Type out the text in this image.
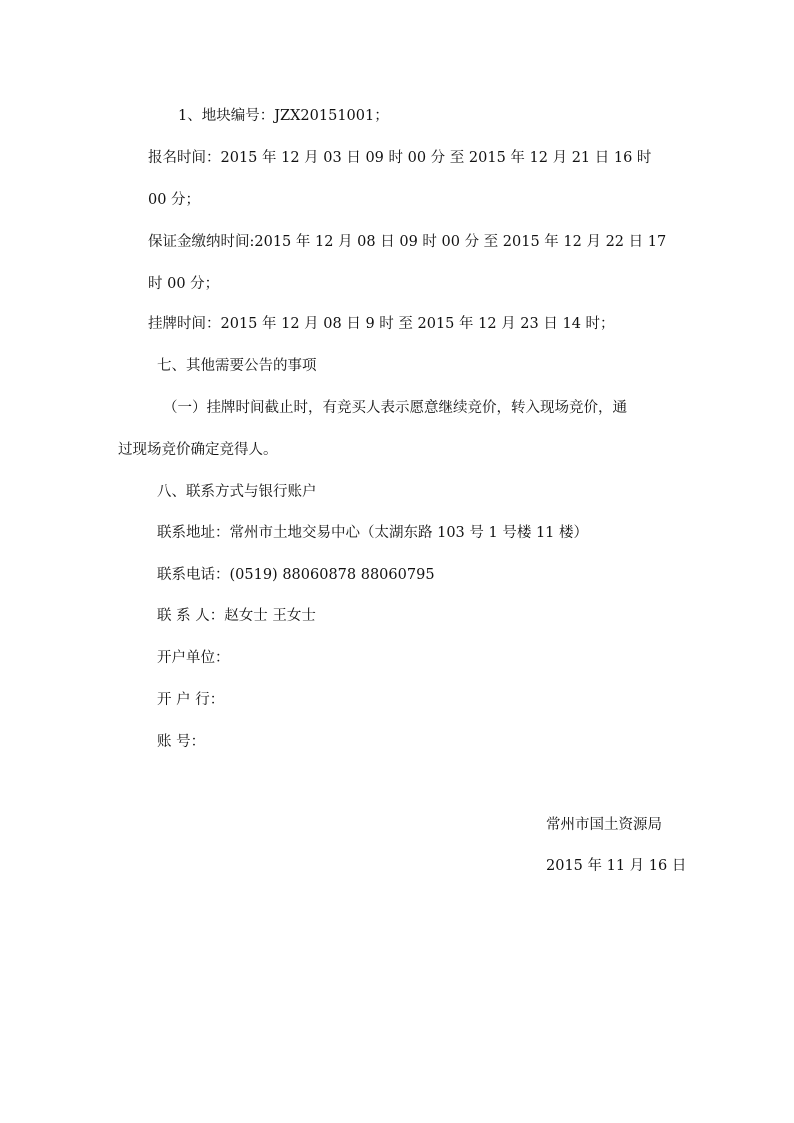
1、地块编号：JZX20151001；
报名时间：2015 年 12 月 03 日 09 时 00 分 至 2015 年 12 月 21 日 16 时
00 分；
保证金缴纳时间:2015 年 12 月 08 日 09 时 00 分 至 2015 年 12 月 22 日 17
时 00 分；
挂牌时间：2015 年 12 月 08 日 9 时 至 2015 年 12 月 23 日 14 时；
七、其他需要公告的事项
（一）挂牌时间截止时，有竞买人表示愿意继续竞价，转入现场竞价，通
过现场竞价确定竞得人。
八、联系方式与银行账户
联系地址：常州市土地交易中心（太湖东路 103 号 1 号楼 11 楼）
联系电话：(0519) 88060878 88060795
联 系 人：赵女士 王女士
开户单位：
开 户 行：
账 号：
常州市国土资源局
2015 年 11 月 16 日
